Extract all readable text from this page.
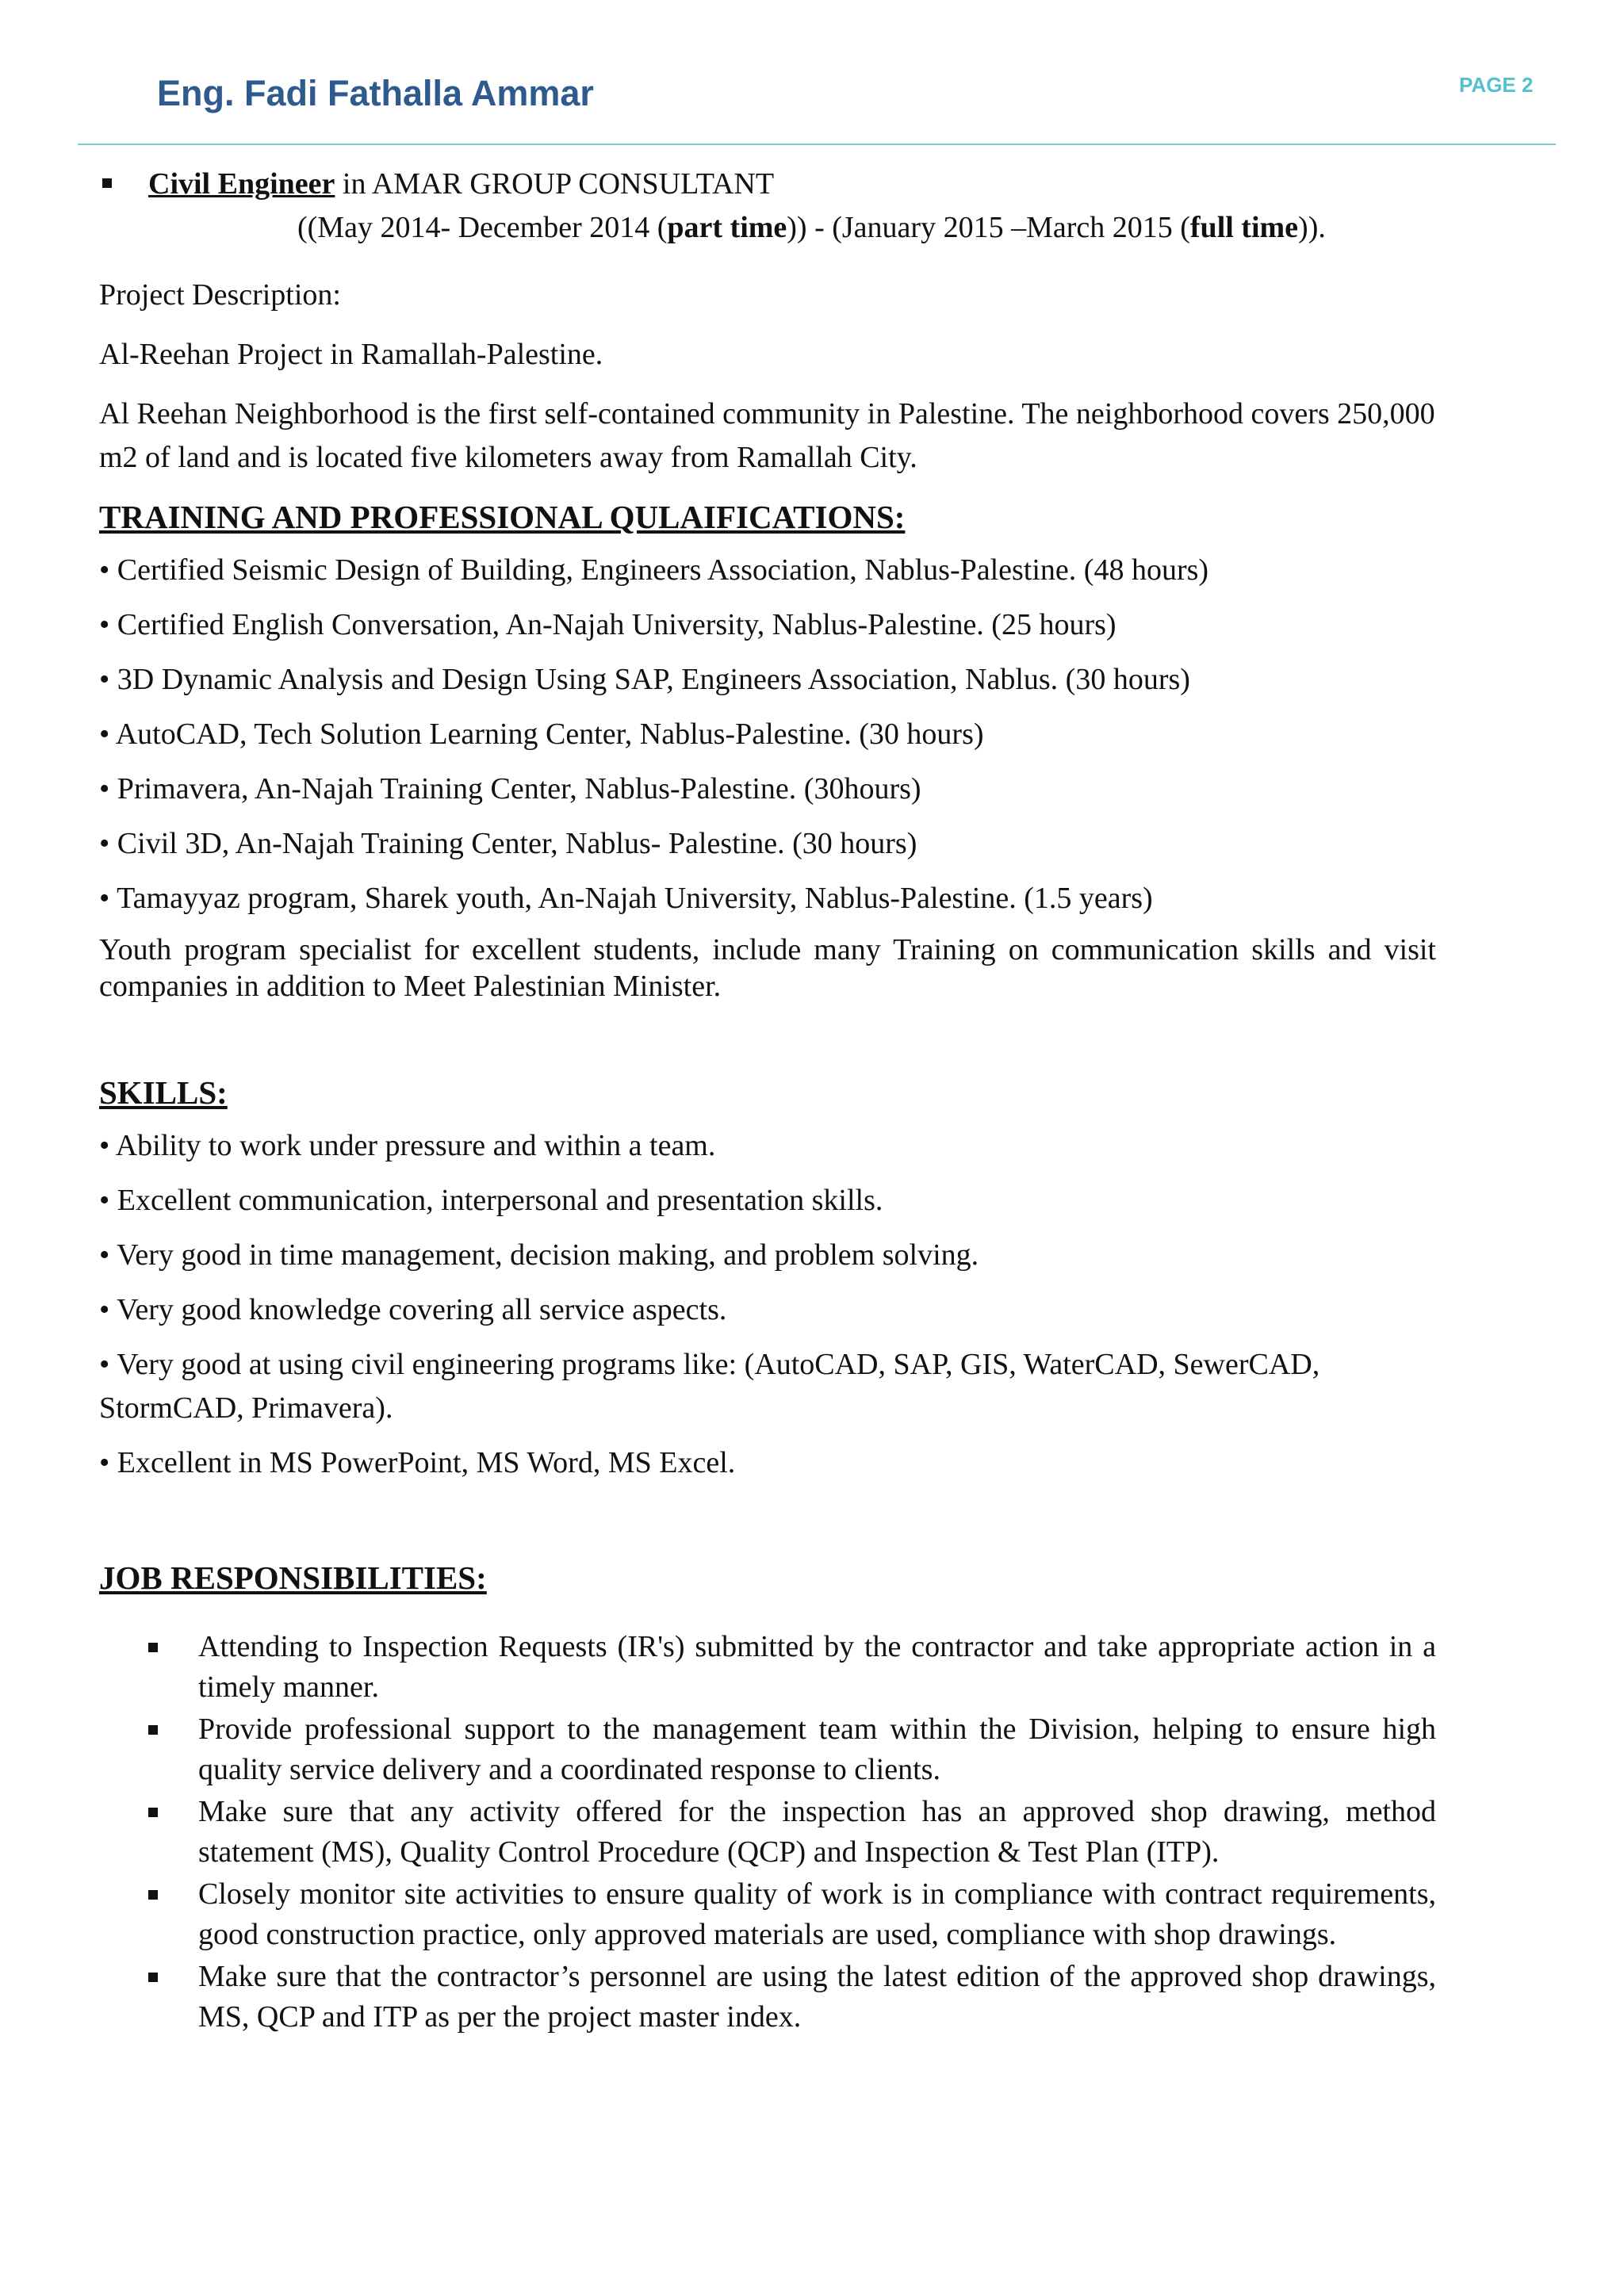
Eng. Fadi Fathalla Ammar	PAGE 2
Civil Engineer in AMAR GROUP CONSULTANT
((May 2014- December 2014 (part time)) - (January 2015 –March 2015 (full time)).

Project Description:

Al-Reehan Project in Ramallah-Palestine.

Al Reehan Neighborhood is the first self-contained community in Palestine. The neighborhood covers 250,000 m2 of land and is located five kilometers away from Ramallah City.

TRAINING AND PROFESSIONAL QULAIFICATIONS:

• Certified Seismic Design of Building, Engineers Association, Nablus-Palestine. (48 hours)

• Certified English Conversation, An-Najah University, Nablus-Palestine. (25 hours)

• 3D Dynamic Analysis and Design Using SAP, Engineers Association, Nablus. (30 hours)

• AutoCAD, Tech Solution Learning Center, Nablus-Palestine. (30 hours)

• Primavera, An-Najah Training Center, Nablus-Palestine. (30hours)

• Civil 3D, An-Najah Training Center, Nablus- Palestine. (30 hours)

• Tamayyaz program, Sharek youth, An-Najah University, Nablus-Palestine. (1.5 years)

Youth program specialist for excellent students, include many Training on communication skills and visit companies in addition to Meet Palestinian Minister.

SKILLS:

• Ability to work under pressure and within a team.

• Excellent communication, interpersonal and presentation skills.

• Very good in time management, decision making, and problem solving.

• Very good knowledge covering all service aspects.

• Very good at using civil engineering programs like: (AutoCAD, SAP, GIS, WaterCAD, SewerCAD, StormCAD, Primavera).

• Excellent in MS PowerPoint, MS Word, MS Excel.

JOB RESPONSIBILITIES:
Attending to Inspection Requests (IR's) submitted by the contractor and take appropriate action in a timely manner.
Provide professional support to the management team within the Division, helping to ensure high quality service delivery and a coordinated response to clients.
Make sure that any activity offered for the inspection has an approved shop drawing, method statement (MS), Quality Control Procedure (QCP) and Inspection & Test Plan (ITP).
Closely monitor site activities to ensure quality of work is in compliance with contract requirements, good construction practice, only approved materials are used, compliance with shop drawings.
Make sure that the contractor’s personnel are using the latest edition of the approved shop drawings, MS, QCP and ITP as per the project master index.
